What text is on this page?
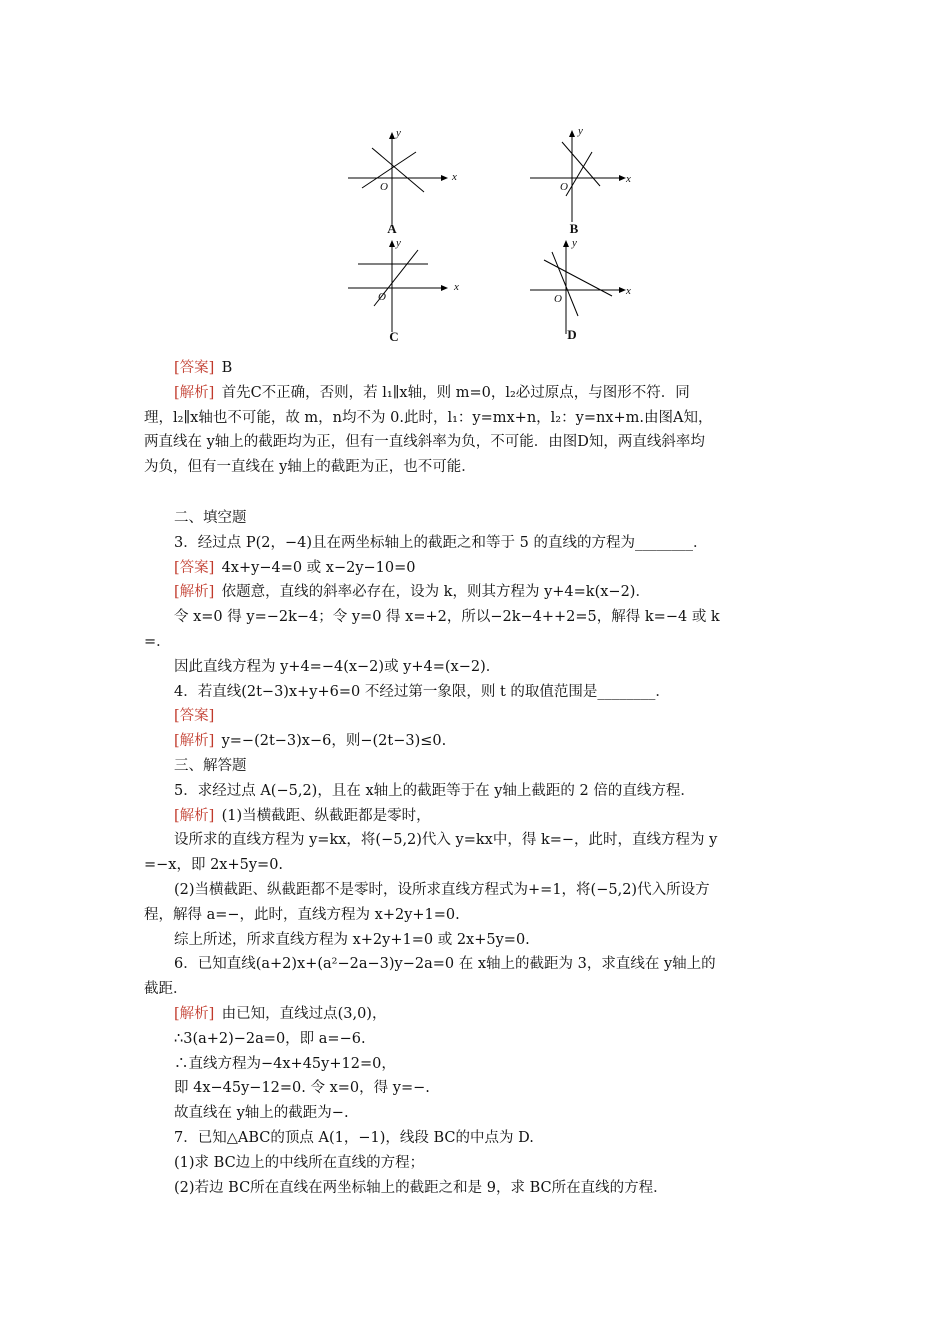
x
y
O
A
x
y
O
B
x
y
O
C
x
y
O
D

[答案]  B

[解析]  首先C不正确，否则，若 l₁∥x轴，则 m=0，l₂必过原点，与图形不符．同

理，l₂∥x轴也不可能，故 m，n均不为 0.此时，l₁：y=mx+n，l₂：y=nx+m.由图A知，

两直线在 y轴上的截距均为正，但有一直线斜率为负，不可能．由图D知，两直线斜率均

为负，但有一直线在 y轴上的截距为正，也不可能．

二、填空题

3．经过点 P(2，−4)且在两坐标轴上的截距之和等于 5 的直线的方程为________．

[答案]  4x+y−4=0 或 x−2y−10=0

[解析]  依题意，直线的斜率必存在，设为 k，则其方程为 y+4=k(x−2)．

令 x=0 得 y=−2k−4；令 y=0 得 x=+2，所以−2k−4++2=5，解得 k=−4 或 k

=．

因此直线方程为 y+4=−4(x−2)或 y+4=(x−2)．

4．若直线(2t−3)x+y+6=0 不经过第一象限，则 t 的取值范围是________．

[答案] 

[解析]  y=−(2t−3)x−6，则−(2t−3)≤0.

三、解答题

5．求经过点 A(−5,2)，且在 x轴上的截距等于在 y轴上截距的 2 倍的直线方程．

[解析]  (1)当横截距、纵截距都是零时，

设所求的直线方程为 y=kx，将(−5,2)代入 y=kx中，得 k=−，此时，直线方程为 y

=−x，即 2x+5y=0.

(2)当横截距、纵截距都不是零时，设所求直线方程式为+=1，将(−5,2)代入所设方

程，解得 a=−，此时，直线方程为 x+2y+1=0.

综上所述，所求直线方程为 x+2y+1=0 或 2x+5y=0.

6．已知直线(a+2)x+(a²−2a−3)y−2a=0 在 x轴上的截距为 3，求直线在 y轴上的

截距．

[解析]  由已知，直线过点(3,0)，

∴3(a+2)−2a=0，即 a=−6.

∴直线方程为−4x+45y+12=0，

即 4x−45y−12=0. 令 x=0，得 y=−.

故直线在 y轴上的截距为−.

7．已知△ABC的顶点 A(1，−1)，线段 BC的中点为 D.

(1)求 BC边上的中线所在直线的方程；

(2)若边 BC所在直线在两坐标轴上的截距之和是 9，求 BC所在直线的方程．
